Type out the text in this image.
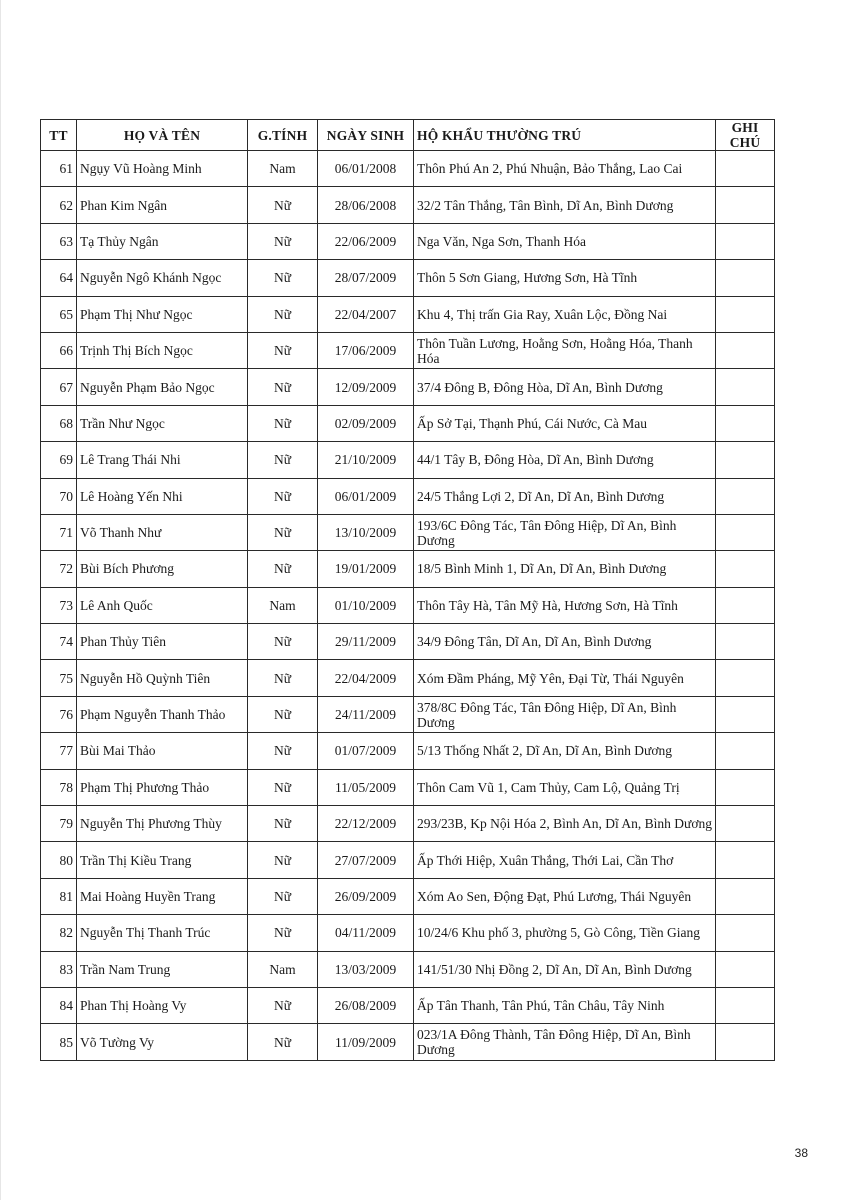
TT	HỌ VÀ TÊN	G.TÍNH	NGÀY SINH	HỘ KHẨU THƯỜNG TRÚ	GHI CHÚ
61	Ngụy Vũ Hoàng Minh	Nam	06/01/2008	Thôn Phú An 2, Phú Nhuận, Bảo Thắng, Lao Cai	
62	Phan Kim Ngân	Nữ	28/06/2008	32/2 Tân Thắng, Tân Bình, Dĩ An, Bình Dương	
63	Tạ Thủy Ngân	Nữ	22/06/2009	Nga Văn, Nga Sơn, Thanh Hóa	
64	Nguyễn Ngô Khánh Ngọc	Nữ	28/07/2009	Thôn 5 Sơn Giang, Hương Sơn, Hà Tĩnh	
65	Phạm Thị Như Ngọc	Nữ	22/04/2007	Khu 4, Thị trấn Gia Ray, Xuân Lộc, Đồng Nai	
66	Trịnh Thị Bích Ngọc	Nữ	17/06/2009	Thôn Tuần Lương, Hoằng Sơn, Hoằng Hóa, Thanh Hóa	
67	Nguyễn Phạm Bảo Ngọc	Nữ	12/09/2009	37/4 Đông B, Đông Hòa, Dĩ An, Bình Dương	
68	Trần Như Ngọc	Nữ	02/09/2009	Ấp Sở Tại, Thạnh Phú, Cái Nước, Cà Mau	
69	Lê Trang Thái Nhi	Nữ	21/10/2009	44/1 Tây B, Đông Hòa, Dĩ An, Bình Dương	
70	Lê Hoàng Yến Nhi	Nữ	06/01/2009	24/5 Thắng Lợi 2, Dĩ An, Dĩ An, Bình Dương	
71	Võ Thanh Như	Nữ	13/10/2009	193/6C Đông Tác, Tân Đông Hiệp, Dĩ An, Bình Dương	
72	Bùi Bích Phương	Nữ	19/01/2009	18/5 Bình Minh 1, Dĩ An, Dĩ An, Bình Dương	
73	Lê Anh Quốc	Nam	01/10/2009	Thôn Tây Hà, Tân Mỹ Hà, Hương Sơn, Hà Tĩnh	
74	Phan Thủy Tiên	Nữ	29/11/2009	34/9 Đông Tân, Dĩ An, Dĩ An, Bình Dương	
75	Nguyễn Hồ Quỳnh Tiên	Nữ	22/04/2009	Xóm Đầm Pháng, Mỹ Yên, Đại Từ, Thái Nguyên	
76	Phạm Nguyễn Thanh Thảo	Nữ	24/11/2009	378/8C Đông Tác, Tân Đông Hiệp, Dĩ An, Bình Dương	
77	Bùi Mai Thảo	Nữ	01/07/2009	5/13 Thống Nhất 2, Dĩ An, Dĩ An, Bình Dương	
78	Phạm Thị Phương Thảo	Nữ	11/05/2009	Thôn Cam Vũ 1, Cam Thủy, Cam Lộ, Quảng Trị	
79	Nguyễn Thị Phương Thùy	Nữ	22/12/2009	293/23B, Kp Nội Hóa 2, Bình An, Dĩ An, Bình Dương	
80	Trần Thị Kiều Trang	Nữ	27/07/2009	Ấp Thới Hiệp, Xuân Thắng, Thới Lai, Cần Thơ	
81	Mai Hoàng Huyền Trang	Nữ	26/09/2009	Xóm Ao Sen, Động Đạt, Phú Lương, Thái Nguyên	
82	Nguyễn Thị Thanh Trúc	Nữ	04/11/2009	10/24/6 Khu phố 3, phường 5, Gò Công, Tiền Giang	
83	Trần Nam Trung	Nam	13/03/2009	141/51/30 Nhị Đồng 2, Dĩ An, Dĩ An, Bình Dương	
84	Phan Thị Hoàng Vy	Nữ	26/08/2009	Ấp Tân Thanh, Tân Phú, Tân Châu, Tây Ninh	
85	Võ Tường Vy	Nữ	11/09/2009	023/1A Đông Thành, Tân Đông Hiệp, Dĩ An, Bình Dương	
38
